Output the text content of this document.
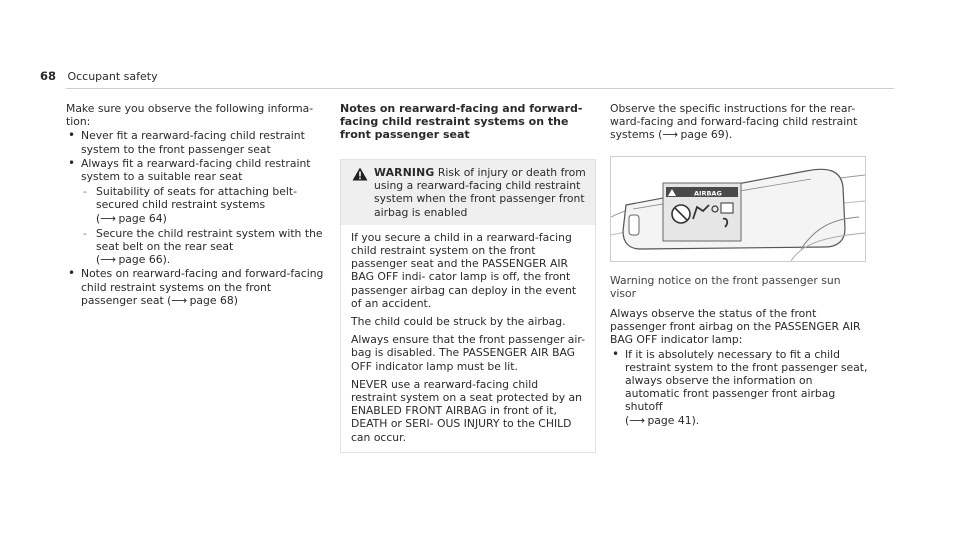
68 Occupant safety

Make sure you observe the following informa- tion:

• Never fit a rearward-facing child restraint system to the front passenger seat
• Always fit a rearward-facing child restraint system to a suitable rear seat
- Suitability of seats for attaching belt- secured child restraint systems
(⟶ page 64)
- Secure the child restraint system with the seat belt on the rear seat
(⟶ page 66).
• Notes on rearward-facing and forward-facing child restraint systems on the front passenger seat (⟶ page 68)

Notes on rearward-facing and forward-facing child restraint systems on the front passenger seat

WARNING Risk of injury or death from using a rearward-facing child restraint system when the front passenger front airbag is enabled

If you secure a child in a rearward-facing child restraint system on the front passenger seat and the PASSENGER AIR BAG OFF indi- cator lamp is off, the front passenger airbag can deploy in the event of an accident.

The child could be struck by the airbag.

Always ensure that the front passenger air- bag is disabled. The PASSENGER AIR BAG OFF indicator lamp must be lit.

NEVER use a rearward-facing child restraint system on a seat protected by an ENABLED FRONT AIRBAG in front of it, DEATH or SERI- OUS INJURY to the CHILD can occur.

Observe the specific instructions for the rear- ward-facing and forward-facing child restraint systems (⟶ page 69).

AIRBAG

Warning notice on the front passenger sun visor

Always observe the status of the front passenger front airbag on the PASSENGER AIR BAG OFF indicator lamp:

• If it is absolutely necessary to fit a child restraint system to the front passenger seat, always observe the information on automatic front passenger front airbag shutoff
(⟶ page 41).
